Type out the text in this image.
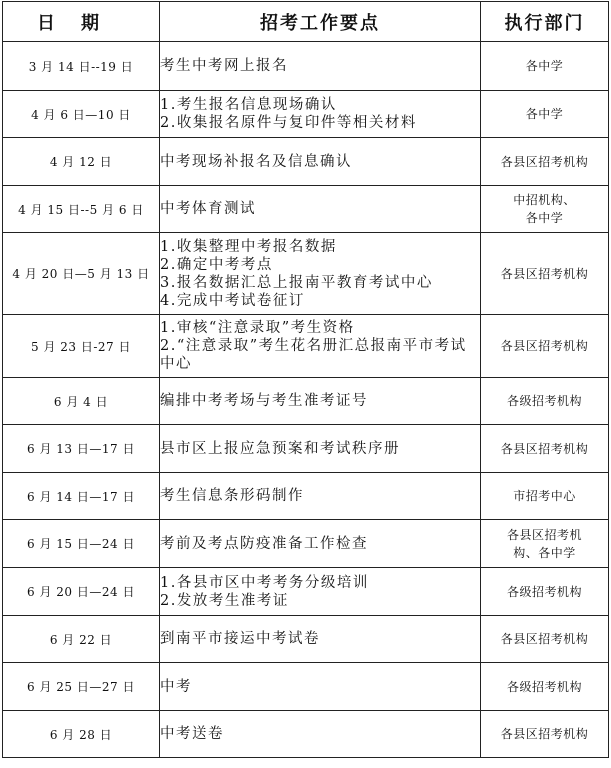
日期	招考工作要点	执行部门
3 月 14 日--19 日	考生中考网上报名	各中学

4 月 6 日—10 日	1.考生报名信息现场确认
2.收集报名原件与复印件等相关材料	各中学

4 月 12 日	中考现场补报名及信息确认	各县区招考机构

4 月 15 日--5 月 6 日	中考体育测试	中招机构、
各中学

4 月 20 日—5 月 13 日	1.收集整理中考报名数据
2.确定中考考点
3.报名数据汇总上报南平教育考试中心
4.完成中考试卷征订	各县区招考机构

5 月 23 日-27 日	1.审核“注意录取”考生资格
2.“注意录取”考生花名册汇总报南平市考试中心	各县区招考机构

6 月 4 日	编排中考考场与考生准考证号	各级招考机构

6 月 13 日—17 日	县市区上报应急预案和考试秩序册	各县区招考机构

6 月 14 日—17 日	考生信息条形码制作	市招考中心

6 月 15 日—24 日	考前及考点防疫准备工作检查	各县区招考机
构、各中学

6 月 20 日—24 日	1.各县市区中考考务分级培训
2.发放考生准考证	各级招考机构

6 月 22 日	到南平市接运中考试卷	各县区招考机构

6 月 25 日—27 日	中考	各级招考机构

6 月 28 日	中考送卷	各县区招考机构
